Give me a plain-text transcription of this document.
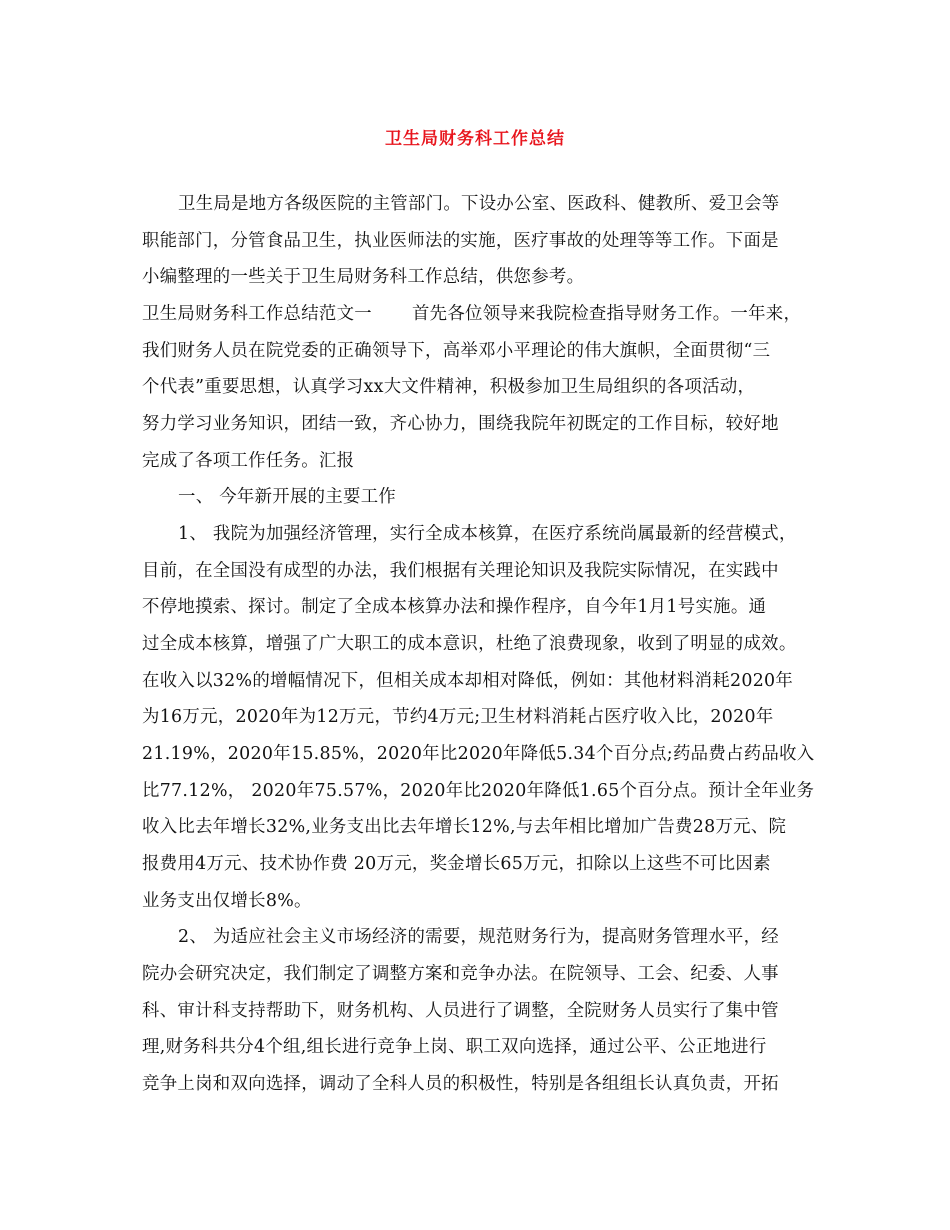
卫生局财务科工作总结
卫生局是地方各级医院的主管部门。下设办公室、医政科、健教所、爱卫会等
职能部门，分管食品卫生，执业医师法的实施，医疗事故的处理等等工作。下面是
小编整理的一些关于卫生局财务科工作总结，供您参考。
卫生局财务科工作总结范文一 首先各位领导来我院检查指导财务工作。一年来，
我们财务人员在院党委的正确领导下，高举邓小平理论的伟大旗帜，全面贯彻“三
个代表”重要思想，认真学习xx大文件精神，积极参加卫生局组织的各项活动，
努力学习业务知识，团结一致，齐心协力，围绕我院年初既定的工作目标，较好地
完成了各项工作任务。汇报
一、 今年新开展的主要工作
1、 我院为加强经济管理，实行全成本核算，在医疗系统尚属最新的经营模式，
目前，在全国没有成型的办法，我们根据有关理论知识及我院实际情况，在实践中
不停地摸索、探讨。制定了全成本核算办法和操作程序，自今年1月1号实施。通
过全成本核算，增强了广大职工的成本意识，杜绝了浪费现象，收到了明显的成效。
在收入以32%的增幅情况下，但相关成本却相对降低，例如：其他材料消耗2020年
为16万元，2020年为12万元，节约4万元;卫生材料消耗占医疗收入比，2020年
21.19%，2020年15.85%，2020年比2020年降低5.34个百分点;药品费占药品收入
比77.12%， 2020年75.57%，2020年比2020年降低1.65个百分点。预计全年业务
收入比去年增长32%,业务支出比去年增长12%,与去年相比增加广告费28万元、院
报费用4万元、技术协作费 20万元，奖金增长65万元，扣除以上这些不可比因素
业务支出仅增长8%。
2、 为适应社会主义市场经济的需要，规范财务行为，提高财务管理水平，经
院办会研究决定，我们制定了调整方案和竞争办法。在院领导、工会、纪委、人事
科、审计科支持帮助下，财务机构、人员进行了调整，全院财务人员实行了集中管
理,财务科共分4个组,组长进行竞争上岗、职工双向选择，通过公平、公正地进行
竞争上岗和双向选择，调动了全科人员的积极性，特别是各组组长认真负责，开拓
